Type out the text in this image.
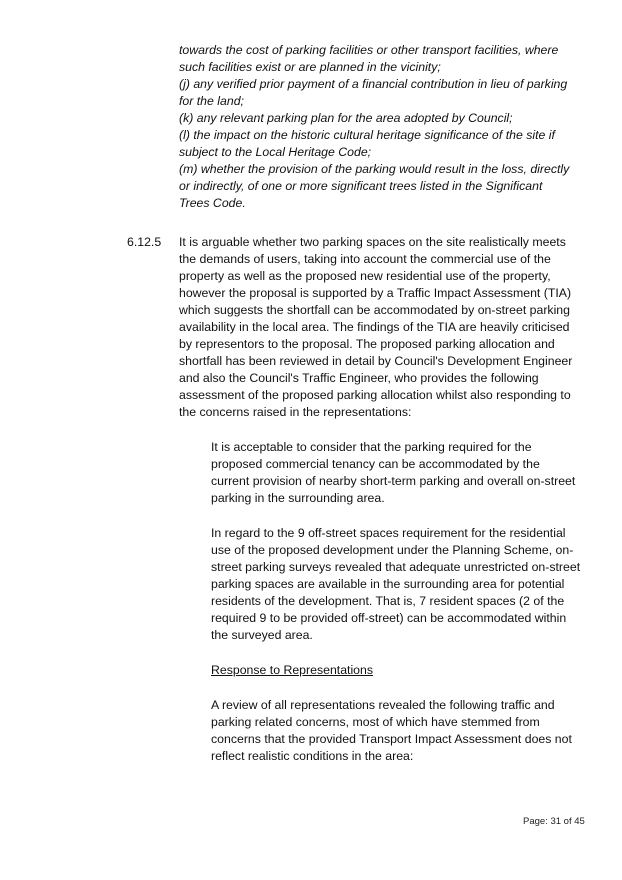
towards the cost of parking facilities or other transport facilities, where

such facilities exist or are planned in the vicinity;

(j) any verified prior payment of a financial contribution in lieu of parking

for the land;

(k) any relevant parking plan for the area adopted by Council;

(l) the impact on the historic cultural heritage significance of the site if

subject to the Local Heritage Code;

(m) whether the provision of the parking would result in the loss, directly

or indirectly, of one or more significant trees listed in the Significant

Trees Code.

6.12.5 It is arguable whether two parking spaces on the site realistically meets

the demands of users, taking into account the commercial use of the

property as well as the proposed new residential use of the property,

however the proposal is supported by a Traffic Impact Assessment (TIA)

which suggests the shortfall can be accommodated by on-street parking

availability in the local area. The findings of the TIA are heavily criticised

by representors to the proposal. The proposed parking allocation and

shortfall has been reviewed in detail by Council's Development Engineer

and also the Council's Traffic Engineer, who provides the following

assessment of the proposed parking allocation whilst also responding to

the concerns raised in the representations:

It is acceptable to consider that the parking required for the

proposed commercial tenancy can be accommodated by the

current provision of nearby short-term parking and overall on-street

parking in the surrounding area.

In regard to the 9 off-street spaces requirement for the residential

use of the proposed development under the Planning Scheme, on-

street parking surveys revealed that adequate unrestricted on-street

parking spaces are available in the surrounding area for potential

residents of the development. That is, 7 resident spaces (2 of the

required 9 to be provided off-street) can be accommodated within

the surveyed area.

Response to Representations

A review of all representations revealed the following traffic and

parking related concerns, most of which have stemmed from

concerns that the provided Transport Impact Assessment does not

reflect realistic conditions in the area:

Page: 31 of 45
